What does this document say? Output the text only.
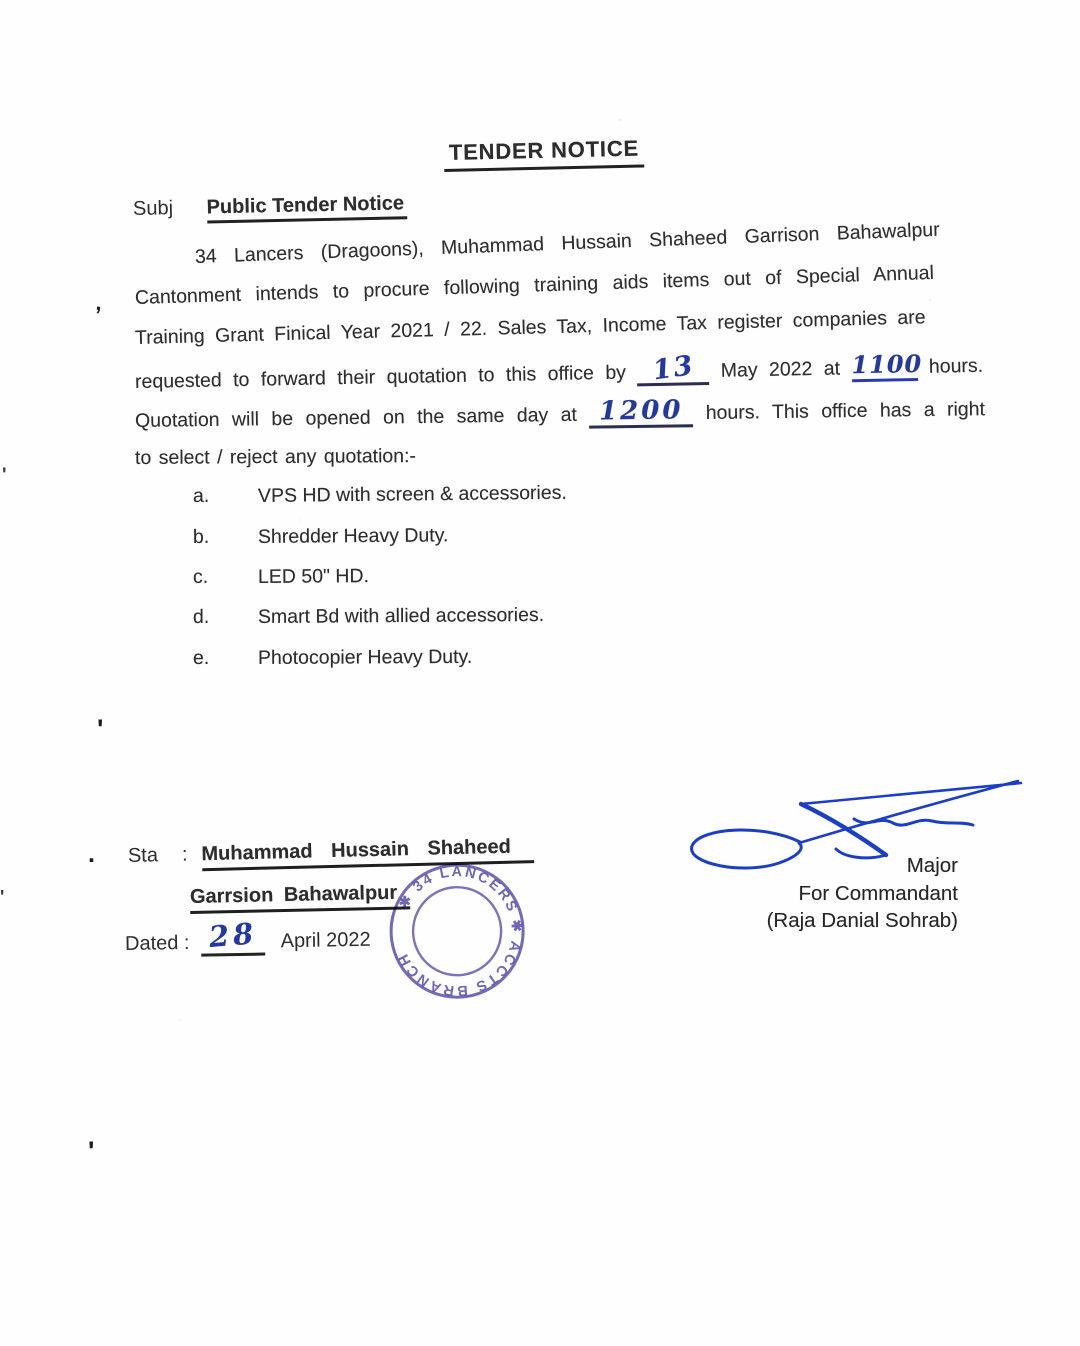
TENDER NOTICE
Subj Public Tender Notice
34 Lancers (Dragoons), Muhammad Hussain Shaheed Garrison Bahawalpur
Cantonment intends to procure following training aids items out of Special Annual
Training Grant Finical Year 2021 / 22. Sales Tax, Income Tax register companies are
requested to forward their quotation to this office by 13 May 2022 at 1100 hours.
Quotation will be opened on the same day at 1200 hours. This office has a right
to select / reject any quotation:-
a. VPS HD with screen & accessories.
b. Shredder Heavy Duty.
c.	LED 50" HD.
d. Smart Bd with allied accessories.
e. Photocopier Heavy Duty.
Sta : Muhammad Hussain Shaheed
Garrsion Bahawalpur
Dated : 28 April 2022
Major
For Commandant
(Raja Danial Sohrab)
✱ 34 LANCERS ✱ ACCTS BRANCH
,
'
'
.
'
'
